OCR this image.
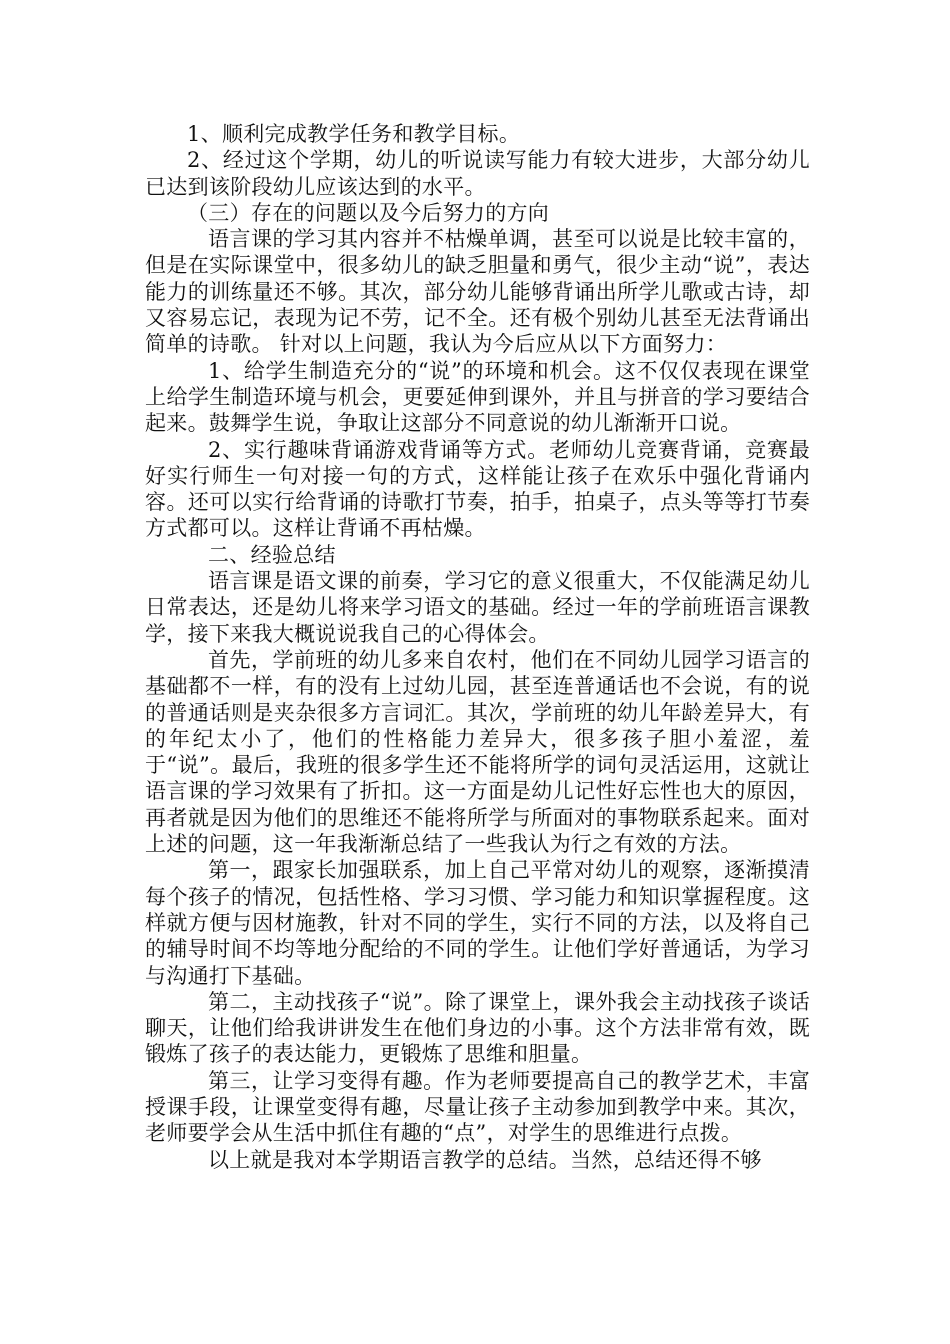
1、顺利完成教学任务和教学目标。

2、经过这个学期，幼儿的听说读写能力有较大进步，大部分幼儿已达到该阶段幼儿应该达到的水平。

（三）存在的问题以及今后努力的方向

语言课的学习其内容并不枯燥单调，甚至可以说是比较丰富的，但是在实际课堂中，很多幼儿的缺乏胆量和勇气，很少主动“说”，表达能力的训练量还不够。其次，部分幼儿能够背诵出所学儿歌或古诗，却又容易忘记，表现为记不劳，记不全。还有极个别幼儿甚至无法背诵出简单的诗歌。 针对以上问题，我认为今后应从以下方面努力：

1、给学生制造充分的“说”的环境和机会。这不仅仅表现在课堂上给学生制造环境与机会，更要延伸到课外，并且与拼音的学习要结合起来。鼓舞学生说，争取让这部分不同意说的幼儿渐渐开口说。

2、实行趣味背诵游戏背诵等方式。老师幼儿竞赛背诵，竞赛最好实行师生一句对接一句的方式，这样能让孩子在欢乐中强化背诵内容。还可以实行给背诵的诗歌打节奏，拍手，拍桌子，点头等等打节奏方式都可以。这样让背诵不再枯燥。

二、经验总结

语言课是语文课的前奏，学习它的意义很重大，不仅能满足幼儿日常表达，还是幼儿将来学习语文的基础。经过一年的学前班语言课教学，接下来我大概说说我自己的心得体会。

首先，学前班的幼儿多来自农村，他们在不同幼儿园学习语言的基础都不一样，有的没有上过幼儿园，甚至连普通话也不会说，有的说的普通话则是夹杂很多方言词汇。其次，学前班的幼儿年龄差异大，有的年纪太小了，他们的性格能力差异大，很多孩子胆小羞涩，羞于“说”。最后，我班的很多学生还不能将所学的词句灵活运用，这就让语言课的学习效果有了折扣。这一方面是幼儿记性好忘性也大的原因，再者就是因为他们的思维还不能将所学与所面对的事物联系起来。面对上述的问题，这一年我渐渐总结了一些我认为行之有效的方法。

第一，跟家长加强联系，加上自己平常对幼儿的观察，逐渐摸清每个孩子的情况，包括性格、学习习惯、学习能力和知识掌握程度。这样就方便与因材施教，针对不同的学生，实行不同的方法，以及将自己的辅导时间不均等地分配给的不同的学生。让他们学好普通话，为学习与沟通打下基础。

第二，主动找孩子“说”。除了课堂上，课外我会主动找孩子谈话聊天，让他们给我讲讲发生在他们身边的小事。这个方法非常有效，既锻炼了孩子的表达能力，更锻炼了思维和胆量。

第三，让学习变得有趣。作为老师要提高自己的教学艺术，丰富授课手段，让课堂变得有趣，尽量让孩子主动参加到教学中来。其次，老师要学会从生活中抓住有趣的“点”，对学生的思维进行点拨。

以上就是我对本学期语言教学的总结。当然，总结还得不够
